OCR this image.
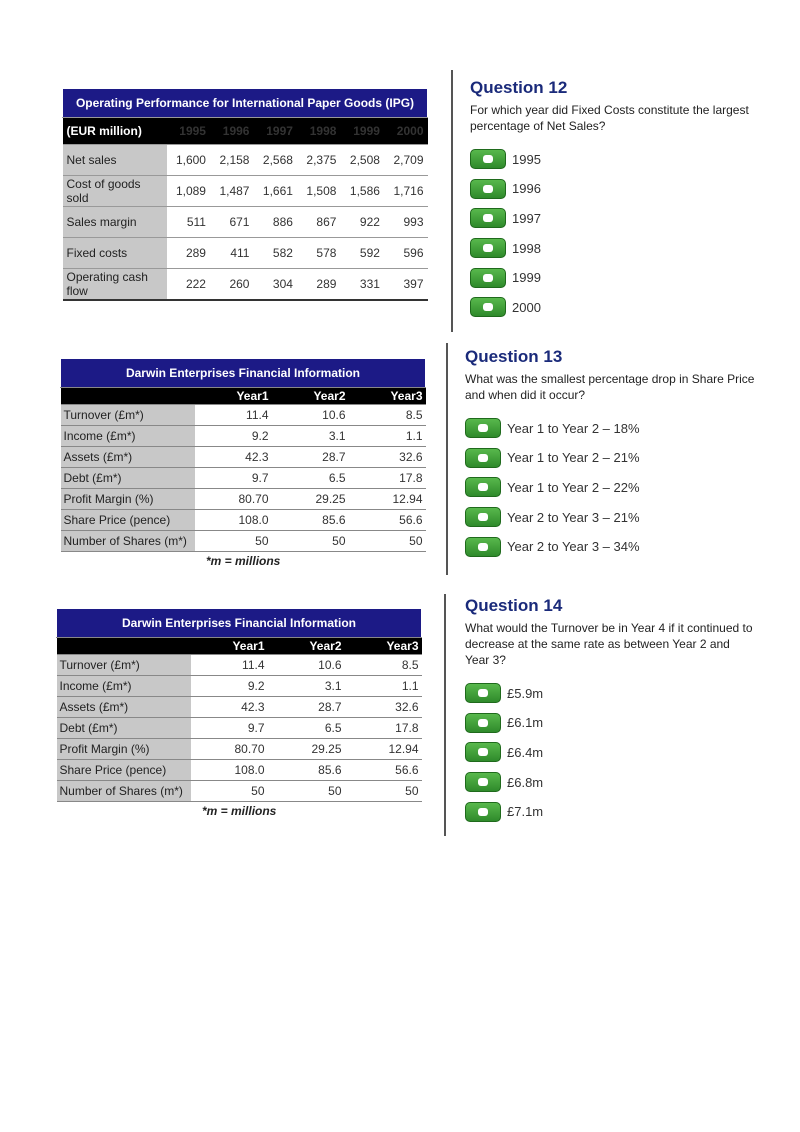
Operating Performance for International Paper Goods (IPG)						
(EUR million)	1995	1996	1997	1998	1999	2000
Net sales	1,600	2,158	2,568	2,375	2,508	2,709
Cost of goods sold	1,089	1,487	1,661	1,508	1,586	1,716
Sales margin	511	671	886	867	922	993
Fixed costs	289	411	582	578	592	596
Operating cash flow	222	260	304	289	331	397
Question 12
For which year did Fixed Costs constitute the largest percentage of Net Sales?
1995
1996
1997
1998
1999
2000
Darwin Enterprises Financial Information			
	Year1	Year2	Year3
Turnover (£m*)	11.4	10.6	8.5
Income (£m*)	9.2	3.1	1.1
Assets (£m*)	42.3	28.7	32.6
Debt (£m*)	9.7	6.5	17.8
Profit Margin (%)	80.70	29.25	12.94
Share Price (pence)	108.0	85.6	56.6
Number of Shares (m*)	50	50	50
*m = millions
Question 13
What was the smallest percentage drop in Share Price and when did it occur?
Year 1 to Year 2 – 18%
Year 1 to Year 2 – 21%
Year 1 to Year 2 – 22%
Year 2 to Year 3 – 21%
Year 2 to Year 3 – 34%
Darwin Enterprises Financial Information			
	Year1	Year2	Year3
Turnover (£m*)	11.4	10.6	8.5
Income (£m*)	9.2	3.1	1.1
Assets (£m*)	42.3	28.7	32.6
Debt (£m*)	9.7	6.5	17.8
Profit Margin (%)	80.70	29.25	12.94
Share Price (pence)	108.0	85.6	56.6
Number of Shares (m*)	50	50	50
*m = millions
Question 14
What would the Turnover be in Year 4 if it continued to decrease at the same rate as between Year 2 and Year 3?
£5.9m
£6.1m
£6.4m
£6.8m
£7.1m
